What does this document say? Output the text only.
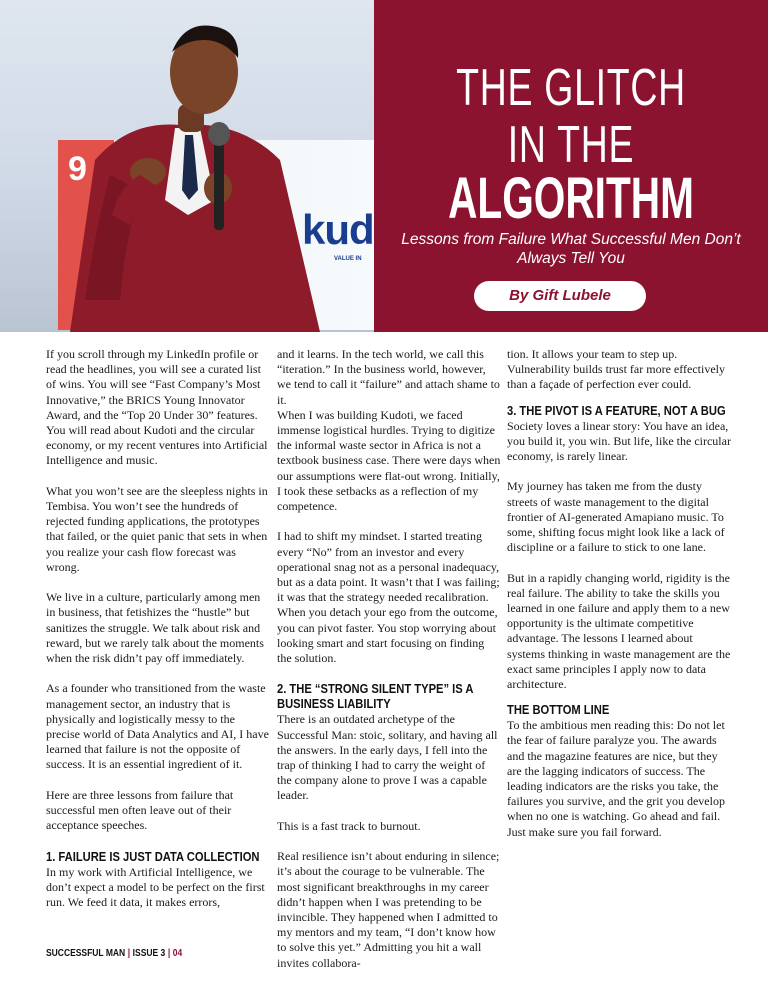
9
kud
VALUE IN
THE GLITCH
IN THE
ALGORITHM
Lessons from Failure What Successful Men Don’t Always Tell You
By Gift Lubele

If you scroll through my LinkedIn profile or read the headlines, you will see a curated list of wins. You will see “Fast Company’s Most Innovative,” the BRICS Young Innovator Award, and the “Top 20 Under 30” features. You will read about Kudoti and the circular economy, or my recent ventures into Artificial Intelligence and music.

What you won’t see are the sleepless nights in Tembisa. You won’t see the hundreds of rejected funding applications, the prototypes that failed, or the quiet panic that sets in when you realize your cash flow forecast was wrong.

We live in a culture, particularly among men in business, that fetishizes the “hustle” but sanitizes the struggle. We talk about risk and reward, but we rarely talk about the moments when the risk didn’t pay off immediately.

As a founder who transitioned from the waste management sector, an industry that is physically and logistically messy to the precise world of Data Analytics and AI, I have learned that failure is not the opposite of success. It is an essential ingredient of it.

Here are three lessons from failure that successful men often leave out of their acceptance speeches.

1. FAILURE IS JUST DATA COLLECTION

In my work with Artificial Intelligence, we don’t expect a model to be perfect on the first run. We feed it data, it makes errors,

and it learns. In the tech world, we call this “iteration.” In the business world, however, we tend to call it “failure” and attach shame to it.

When I was building Kudoti, we faced immense logistical hurdles. Trying to digitize the informal waste sector in Africa is not a textbook business case. There were days when our assumptions were flat-out wrong. Initially, I took these setbacks as a reflection of my competence.

I had to shift my mindset. I started treating every “No” from an investor and every operational snag not as a personal inadequacy, but as a data point. It wasn’t that I was failing; it was that the strategy needed recalibration. When you detach your ego from the outcome, you can pivot faster. You stop worrying about looking smart and start focusing on finding the solution.

2. THE “STRONG SILENT TYPE” IS A BUSINESS LIABILITY

There is an outdated archetype of the Successful Man: stoic, solitary, and having all the answers. In the early days, I fell into the trap of thinking I had to carry the weight of the company alone to prove I was a capable leader.

This is a fast track to burnout.

Real resilience isn’t about enduring in silence; it’s about the courage to be vulnerable. The most significant breakthroughs in my career didn’t happen when I was pretending to be invincible. They happened when I admitted to my mentors and my team, “I don’t know how to solve this yet.” Admitting you hit a wall invites collabora-

tion. It allows your team to step up. Vulnerability builds trust far more effectively than a façade of perfection ever could.

3. THE PIVOT IS A FEATURE, NOT A BUG

Society loves a linear story: You have an idea, you build it, you win. But life, like the circular economy, is rarely linear.

My journey has taken me from the dusty streets of waste management to the digital frontier of AI-generated Amapiano music. To some, shifting focus might look like a lack of discipline or a failure to stick to one lane.

But in a rapidly changing world, rigidity is the real failure. The ability to take the skills you learned in one failure and apply them to a new opportunity is the ultimate competitive advantage. The lessons I learned about systems thinking in waste management are the exact same principles I apply now to data architecture.

THE BOTTOM LINE

To the ambitious men reading this: Do not let the fear of failure paralyze you. The awards and the magazine features are nice, but they are the lagging indicators of success. The leading indicators are the risks you take, the failures you survive, and the grit you develop when no one is watching. Go ahead and fail. Just make sure you fail forward.

SUCCESSFUL MAN | ISSUE 3 | 04
